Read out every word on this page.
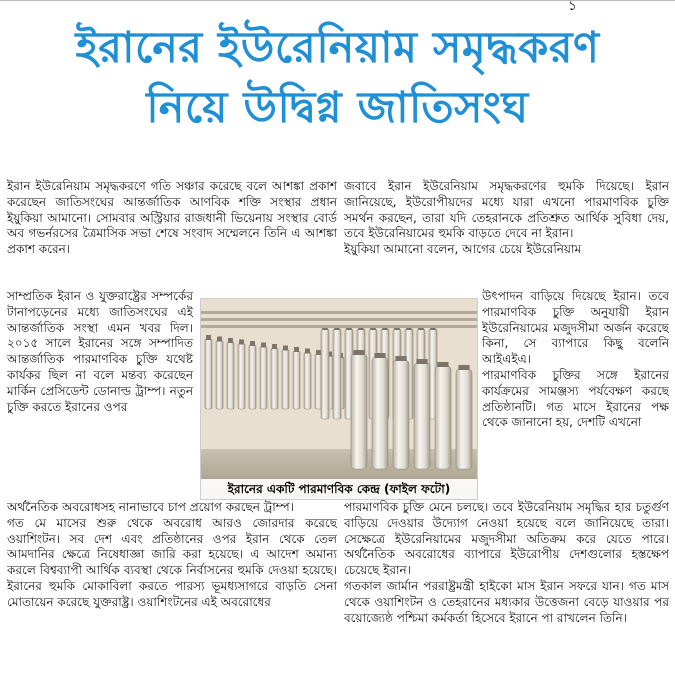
১
ইরানের ইউরেনিয়াম সমৃদ্ধকরণ
নিয়ে উদ্বিগ্ন জাতিসংঘ

ইরান ইউরেনিয়াম সমৃদ্ধকরণে গতি সঞ্চার করেছে বলে আশঙ্কা প্রকাশ করেছেন জাতিসংঘের আন্তর্জাতিক আণবিক শক্তি সংস্থার প্রধান ইয়ুকিয়া আমানো। সোমবার অস্ট্রিয়ার রাজধানী ভিয়েনায় সংস্থার বোর্ড অব গভর্নরসের ত্রৈমাসিক সভা শেষে সংবাদ সম্মেলনে তিনি এ আশঙ্কা প্রকাশ করেন।

সাম্প্রতিক ইরান ও যুক্তরাষ্ট্রের সম্পর্কের টানাপড়েনের মধ্যে জাতিসংঘের এই আন্তর্জাতিক সংস্থা এমন খবর দিল। ২০১৫ সালে ইরানের সঙ্গে সম্পাদিত আন্তর্জাতিক পারমাণবিক চুক্তি যথেষ্ট কার্যকর ছিল না বলে মন্তব্য করেছেন মার্কিন প্রেসিডেন্ট ডোনাল্ড ট্রাম্প। নতুন চুক্তি করতে ইরানের ওপর

অর্থনৈতিক অবরোধসহ নানাভাবে চাপ প্রয়োগ করছেন ট্রাম্প।

গত মে মাসের শুরু থেকে অবরোধ আরও জোরদার করেছে ওয়াশিংটন। সব দেশ এবং প্রতিষ্ঠানের ওপর ইরান থেকে তেল আমদানির ক্ষেত্রে নিষেধাজ্ঞা জারি করা হয়েছে। এ আদেশ অমান্য করলে বিশ্বব্যাপী আর্থিক ব্যবস্থা থেকে নির্বাসনের হুমকি দেওয়া হয়েছে। ইরানের হুমকি মোকাবিলা করতে পারস্য ভূমধ্যসাগরে বাড়তি সেনা মোতায়েন করেছে যুক্তরাষ্ট্র। ওয়াশিংটনের এই অবরোধের

জবাবে ইরান ইউরেনিয়াম সমৃদ্ধকরণের হুমকি দিয়েছে। ইরান জানিয়েছে, ইউরোপীয়দের মধ্যে যারা এখনো পারমাণবিক চুক্তি সমর্থন করছেন, তারা যদি তেহরানকে প্রতিশ্রুত আর্থিক সুবিধা দেয়, তবে ইউরেনিয়ামের হুমকি বাড়তে দেবে না ইরান।

ইয়ুকিয়া আমানো বলেন, আগের চেয়ে ইউরেনিয়াম

উৎপাদন বাড়িয়ে দিয়েছে ইরান। তবে পারমাণবিক চুক্তি অনুযায়ী ইরান ইউরেনিয়ামের মজুদসীমা অর্জন করেছে কিনা, সে ব্যাপারে কিছু বলেনি আইএইএ।

পারমাণবিক চুক্তির সঙ্গে ইরানের কার্যক্রমের সামঞ্জস্য পর্যবেক্ষণ করছে প্রতিষ্ঠানটি। গত মাসে ইরানের পক্ষ থেকে জানানো হয়, দেশটি এখনো

পারমাণবিক চুক্তি মেনে চলছে। তবে ইউরেনিয়াম সমৃদ্ধির হার চতুর্গুণ বাড়িয়ে দেওয়ার উদ্যোগ নেওয়া হয়েছে বলে জানিয়েছে তারা। সেক্ষেত্রে ইউরেনিয়ামের মজুদসীমা অতিক্রম করে যেতে পারে। অর্থনৈতিক অবরোধের ব্যাপারে ইউরোপীয় দেশগুলোর হস্তক্ষেপ চেয়েছে ইরান।

গতকাল জার্মান পররাষ্ট্রমন্ত্রী হাইকো মাস ইরান সফরে যান। গত মাস থেকে ওয়াশিংটন ও তেহরানের মধ্যকার উত্তেজনা বেড়ে যাওয়ার পর বয়োজ্যেষ্ঠ পশ্চিমা কর্মকর্তা হিসেবে ইরানে পা রাখলেন তিনি।

ইরানের একটি পারমাণবিক কেন্দ্র (ফাইল ফটো)
